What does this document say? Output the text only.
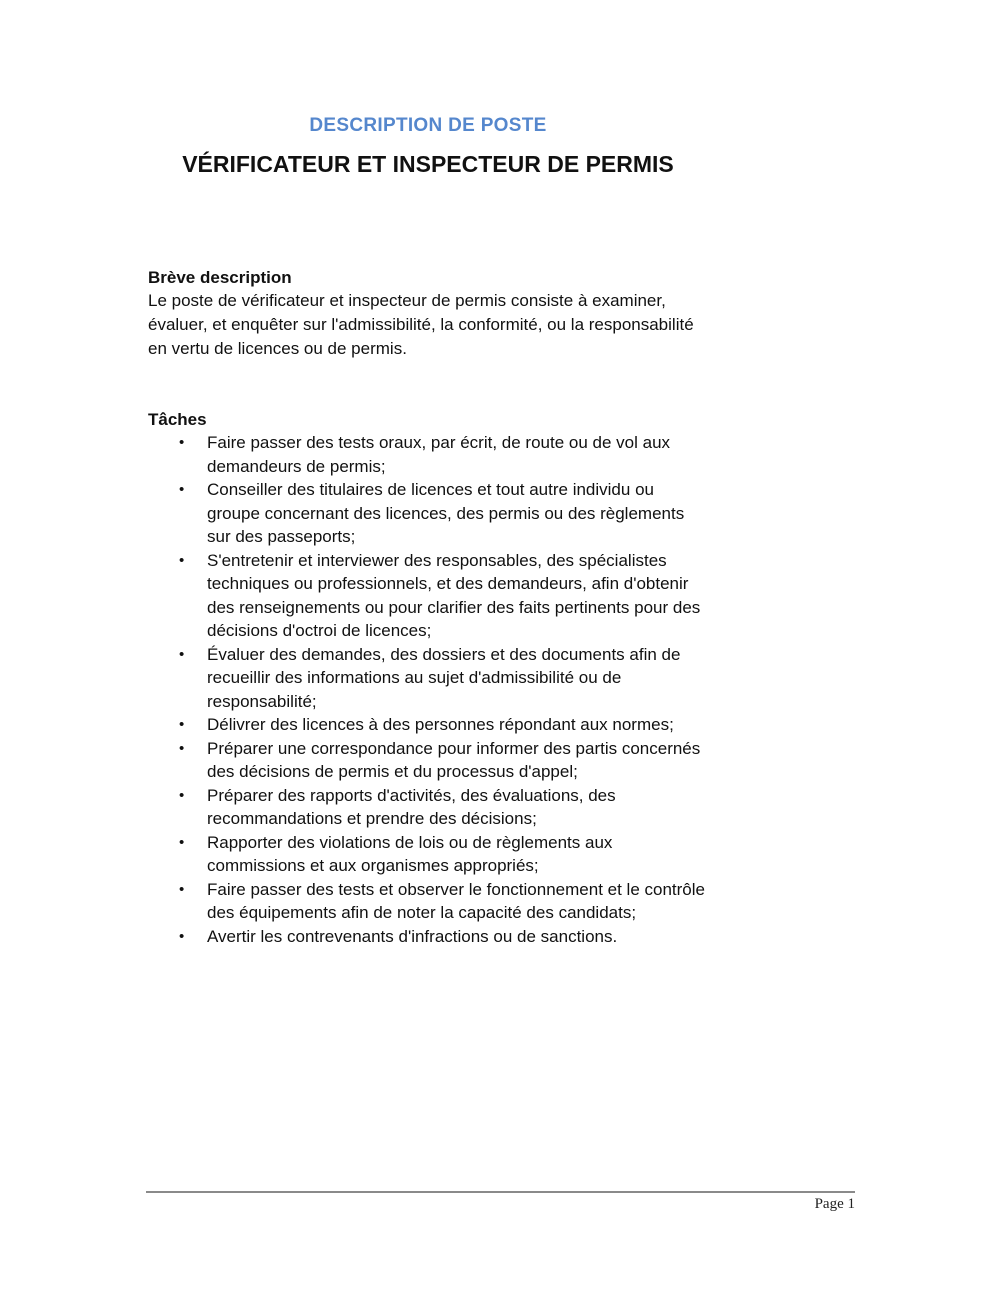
DESCRIPTION DE POSTE
VÉRIFICATEUR ET INSPECTEUR DE PERMIS
Brève description

Le poste de vérificateur et inspecteur de permis consiste à examiner, évaluer, et enquêter sur l'admissibilité, la conformité, ou la responsabilité en vertu de licences ou de permis.

Tâches
• Faire passer des tests oraux, par écrit, de route ou de vol aux demandeurs de permis;
• Conseiller des titulaires de licences et tout autre individu ou groupe concernant des licences, des permis ou des règlements sur des passeports;
• S'entretenir et interviewer des responsables, des spécialistes techniques ou professionnels, et des demandeurs, afin d'obtenir des renseignements ou pour clarifier des faits pertinents pour des décisions d'octroi de licences;
• Évaluer des demandes, des dossiers et des documents afin de recueillir des informations au sujet d'admissibilité ou de responsabilité;
• Délivrer des licences à des personnes répondant aux normes;
• Préparer une correspondance pour informer des partis concernés des décisions de permis et du processus d'appel;
• Préparer des rapports d'activités, des évaluations, des recommandations et prendre des décisions;
• Rapporter des violations de lois ou de règlements aux commissions et aux organismes appropriés;
• Faire passer des tests et observer le fonctionnement et le contrôle des équipements afin de noter la capacité des candidats;
• Avertir les contrevenants d'infractions ou de sanctions.
Page 1
